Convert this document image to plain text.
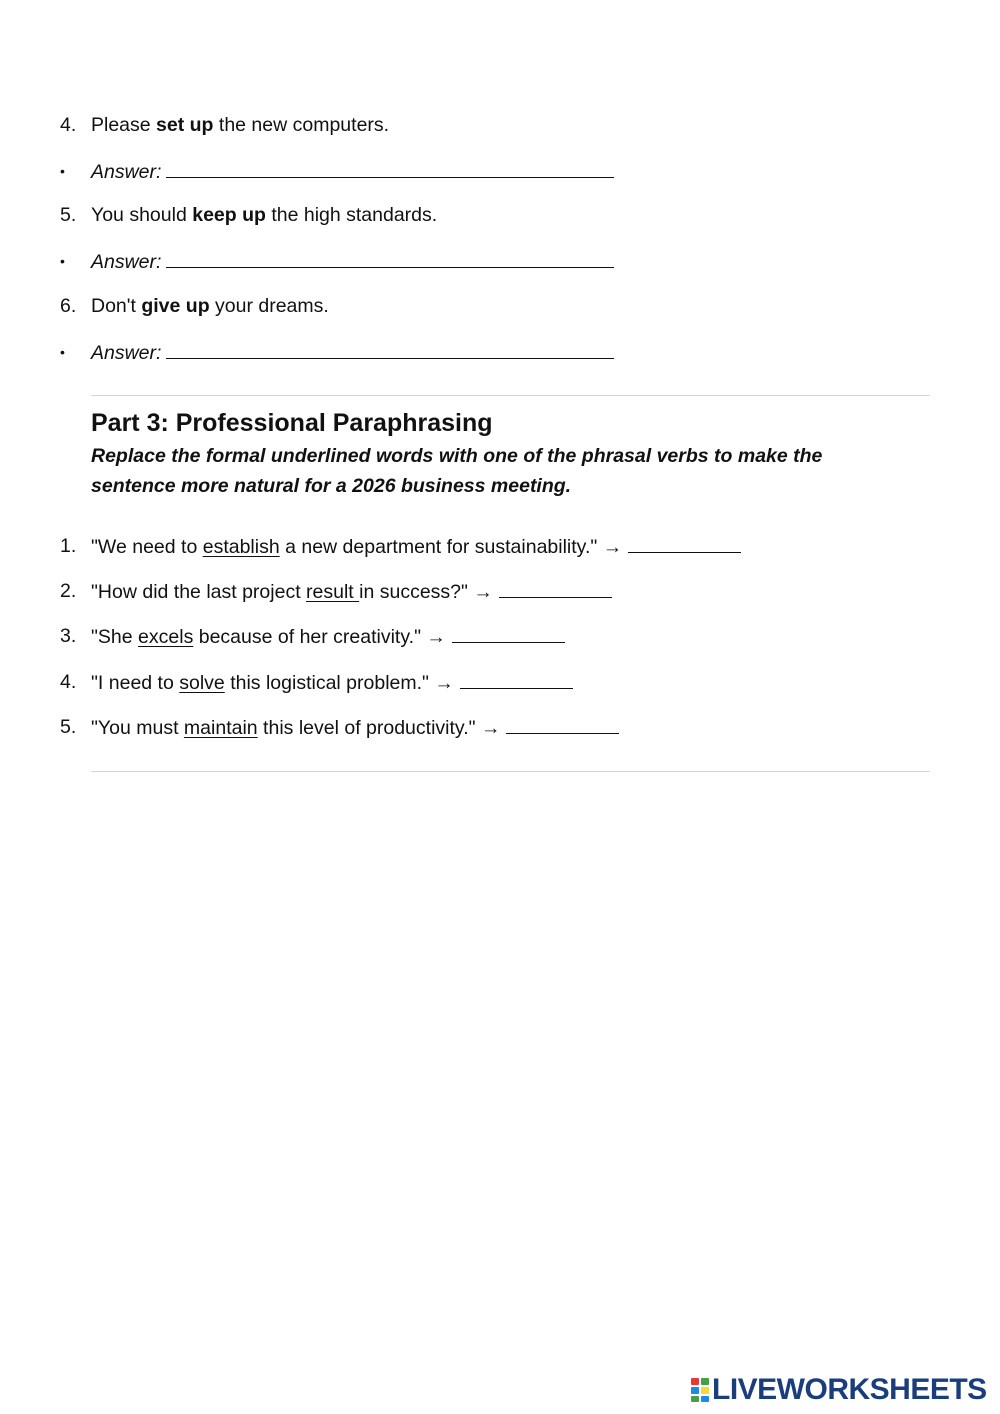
4. Please set up the new computers.
• Answer:
5. You should keep up the high standards.
• Answer:
6. Don't give up your dreams.
• Answer:
Part 3: Professional Paraphrasing
Replace the formal underlined words with one of the phrasal verbs to make the
sentence more natural for a 2026 business meeting.
1. "We need to establish a new department for sustainability." →
2. "How did the last project result in success?" →
3. "She excels because of her creativity." →
4. "I need to solve this logistical problem." →
5. "You must maintain this level of productivity." →
LIVEWORKSHEETS
